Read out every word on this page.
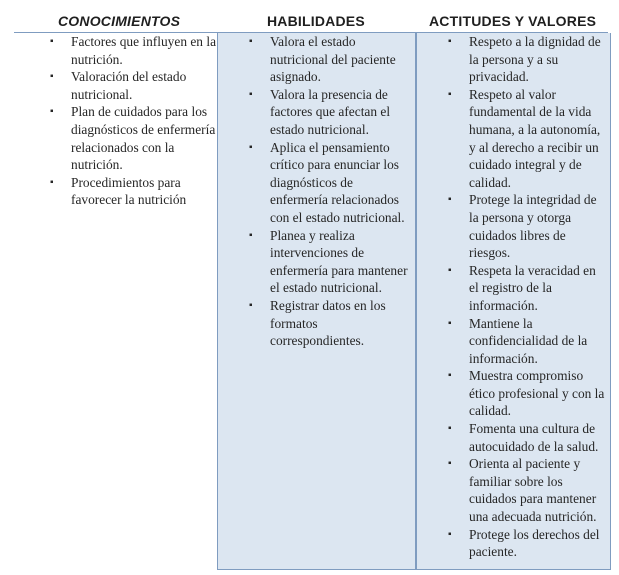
CONOCIMIENTOS	HABILIDADES	ACTITUDES Y VALORES
▪ Factores que influyen en la nutrición.
▪ Valoración del estado nutricional.
▪ Plan de cuidados para los diagnósticos de enfermería relacionados con la nutrición.
▪ Procedimientos para favorecer la nutrición
▪ Valora el estado nutricional del paciente asignado.
▪ Valora la presencia de factores que afectan el estado nutricional.
▪ Aplica el pensamiento crítico para enunciar los diagnósticos de enfermería relacionados con el estado nutricional.
▪ Planea y realiza intervenciones de enfermería para mantener el estado nutricional.
▪ Registrar datos en los formatos correspondientes.
▪ Respeto a la dignidad de la persona y a su privacidad.
▪ Respeto al valor fundamental de la vida humana, a la autonomía, y al derecho a recibir un cuidado integral y de calidad.
▪ Protege la integridad de la persona y otorga cuidados libres de riesgos.
▪ Respeta la veracidad en el registro de la información.
▪ Mantiene la confidencialidad de la información.
▪ Muestra compromiso ético profesional y con la calidad.
▪ Fomenta una cultura de autocuidado de la salud.
▪ Orienta al paciente y familiar sobre los cuidados para mantener una adecuada nutrición.
▪ Protege los derechos del paciente.
